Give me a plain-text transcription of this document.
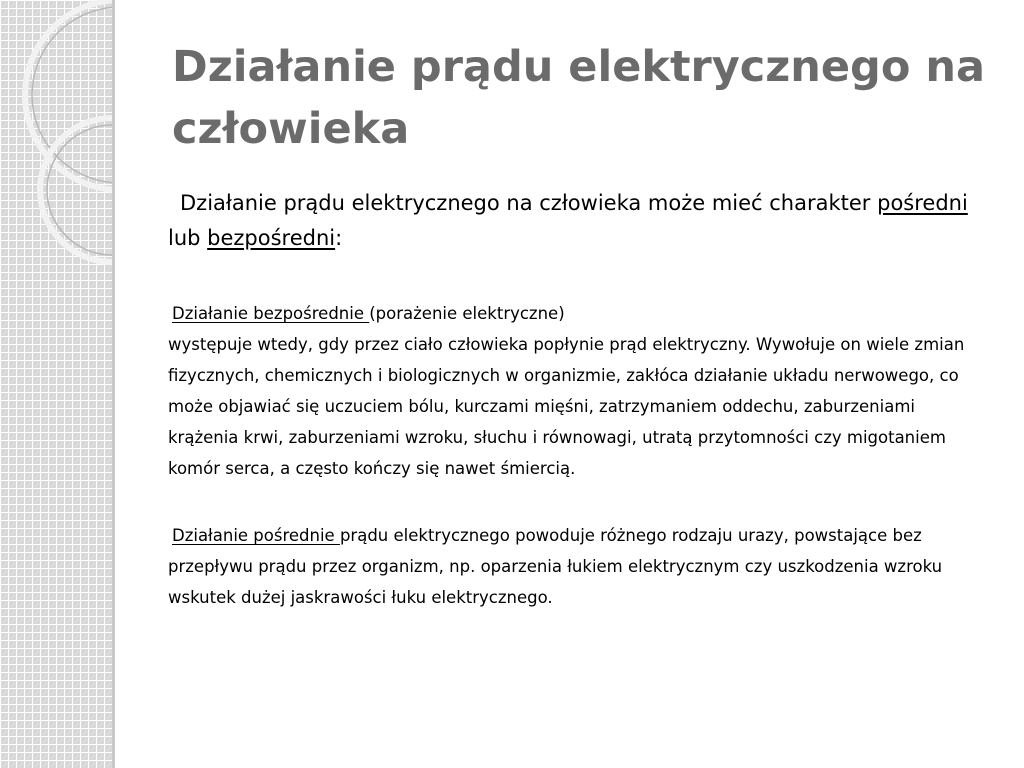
Działanie prądu elektrycznego na człowieka

Działanie prądu elektrycznego na człowieka może mieć charakter pośredni lub bezpośredni:

Działanie bezpośrednie (porażenie elektryczne)
występuje wtedy, gdy przez ciało człowieka popłynie prąd elektryczny. Wywołuje on wiele zmian fizycznych, chemicznych i biologicznych w organizmie, zakłóca działanie układu nerwowego, co może objawiać się uczuciem bólu, kurczami mięśni, zatrzymaniem oddechu, zaburzeniami krążenia krwi, zaburzeniami wzroku, słuchu i równowagi, utratą przytomności czy migotaniem komór serca, a często kończy się nawet śmiercią.

Działanie pośrednie prądu elektrycznego powoduje różnego rodzaju urazy, powstające bez przepływu prądu przez organizm, np. oparzenia łukiem elektrycznym czy uszkodzenia wzroku wskutek dużej jaskrawości łuku elektrycznego.
